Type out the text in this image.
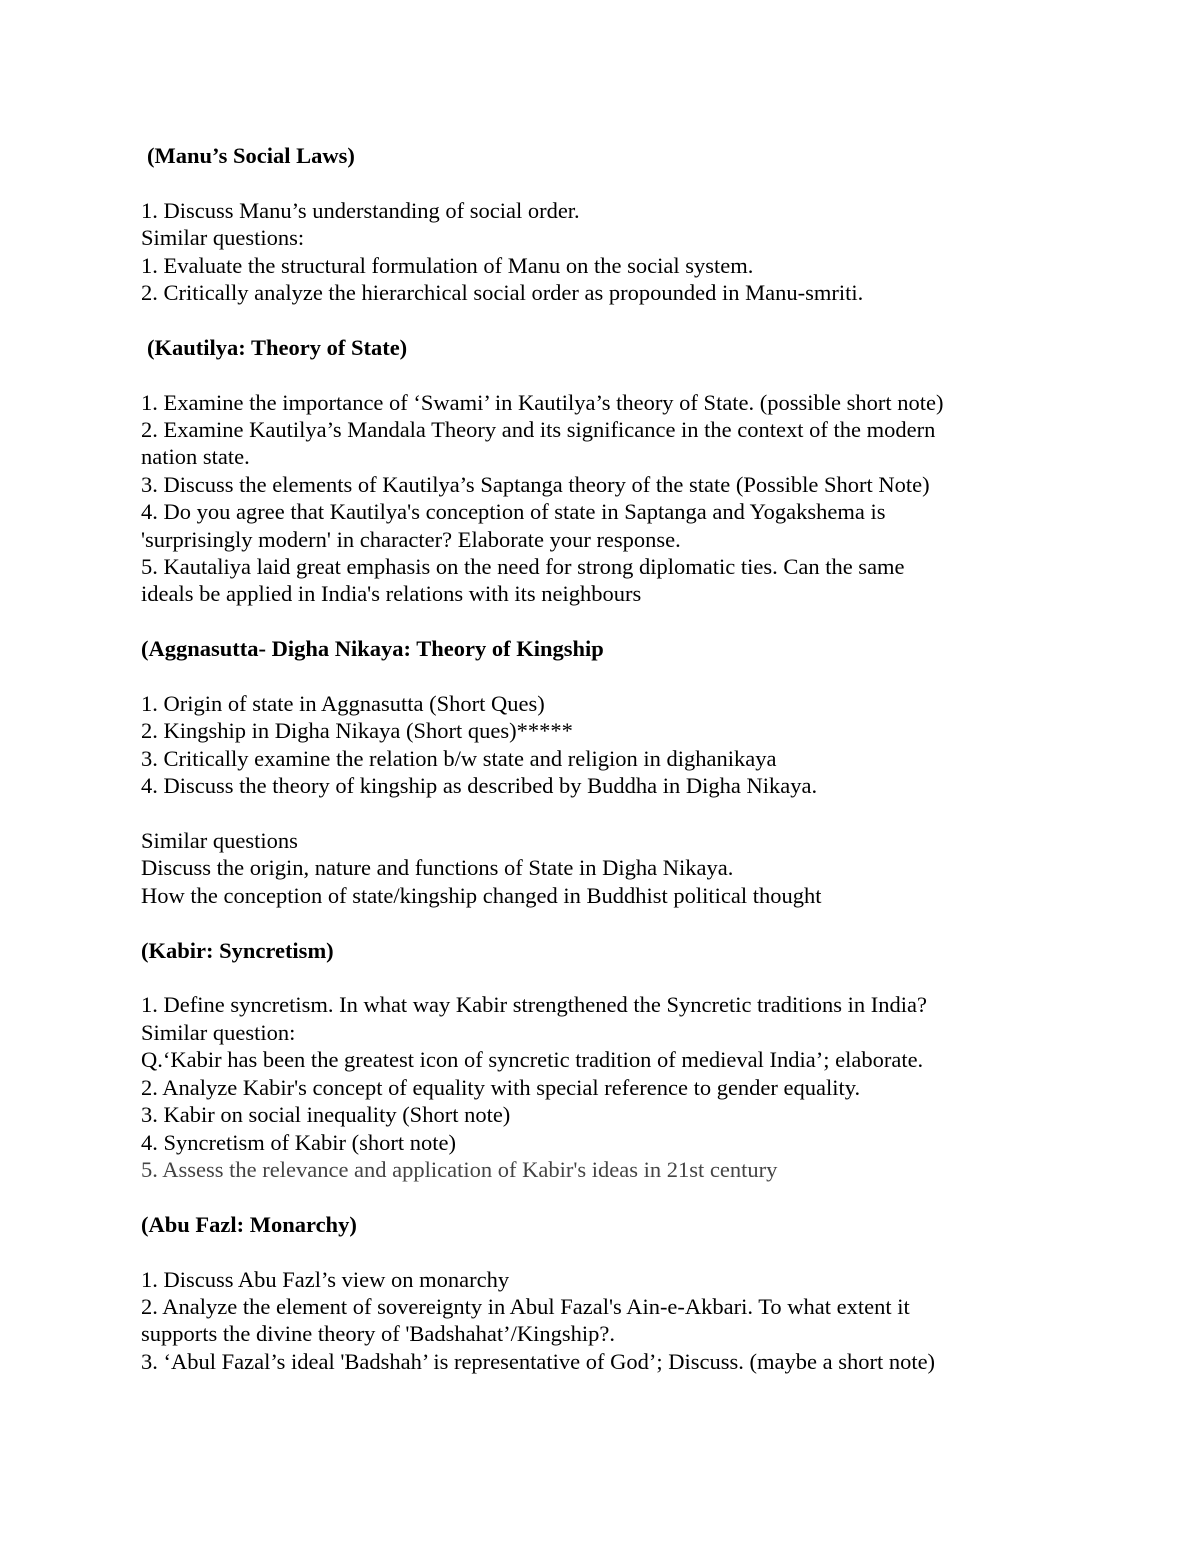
(Manu’s Social Laws)
1. Discuss Manu’s understanding of social order.
Similar questions:
1. Evaluate the structural formulation of Manu on the social system.
2. Critically analyze the hierarchical social order as propounded in Manu-smriti.
(Kautilya: Theory of State)
1. Examine the importance of ‘Swami’ in Kautilya’s theory of State. (possible short note)
2. Examine Kautilya’s Mandala Theory and its significance in the context of the modern
nation state.
3. Discuss the elements of Kautilya’s Saptanga theory of the state (Possible Short Note)
4. Do you agree that Kautilya's conception of state in Saptanga and Yogakshema is
'surprisingly modern' in character? Elaborate your response.
5. Kautaliya laid great emphasis on the need for strong diplomatic ties. Can the same
ideals be applied in India's relations with its neighbours
(Aggnasutta- Digha Nikaya: Theory of Kingship
1. Origin of state in Aggnasutta (Short Ques)
2. Kingship in Digha Nikaya (Short ques)*****
3. Critically examine the relation b/w state and religion in dighanikaya
4. Discuss the theory of kingship as described by Buddha in Digha Nikaya.
Similar questions
Discuss the origin, nature and functions of State in Digha Nikaya.
How the conception of state/kingship changed in Buddhist political thought
(Kabir: Syncretism)
1. Define syncretism. In what way Kabir strengthened the Syncretic traditions in India?
Similar question:
Q.‘Kabir has been the greatest icon of syncretic tradition of medieval India’; elaborate.
2. Analyze Kabir's concept of equality with special reference to gender equality.
3. Kabir on social inequality (Short note)
4. Syncretism of Kabir (short note)
5. Assess the relevance and application of Kabir's ideas in 21st century
(Abu Fazl: Monarchy)
1. Discuss Abu Fazl’s view on monarchy
2. Analyze the element of sovereignty in Abul Fazal's Ain-e-Akbari. To what extent it
supports the divine theory of 'Badshahat’/Kingship?.
3. ‘Abul Fazal’s ideal 'Badshah’ is representative of God’; Discuss. (maybe a short note)
